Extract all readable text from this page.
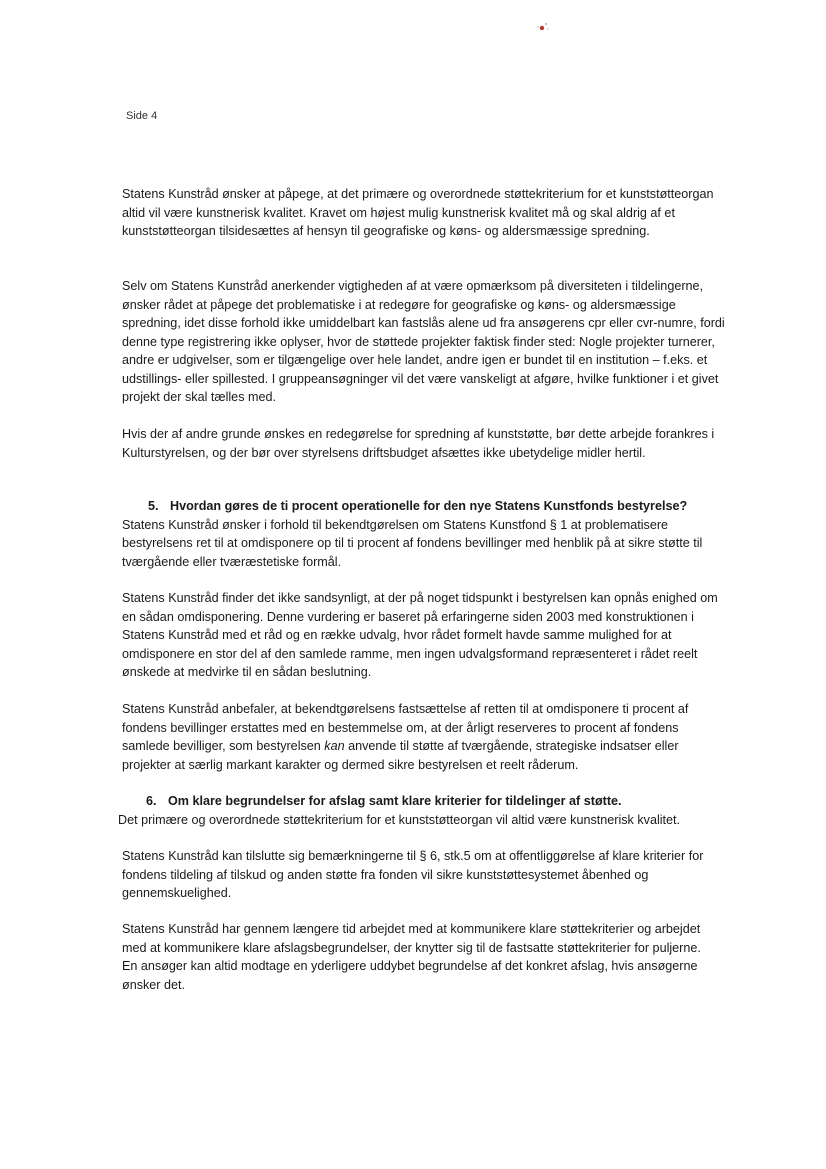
Side 4

Statens Kunstråd ønsker at påpege, at det primære og overordnede støttekriterium for et kunststøtteorgan altid vil være kunstnerisk kvalitet. Kravet om højest mulig kunstnerisk kvalitet må og skal aldrig af et kunststøtteorgan tilsidesættes af hensyn til geografiske og køns- og aldersmæssige spredning.

Selv om Statens Kunstråd anerkender vigtigheden af at være opmærksom på diversiteten i tildelingerne, ønsker rådet at påpege det problematiske i at redegøre for geografiske og køns- og aldersmæssige spredning, idet disse forhold ikke umiddelbart kan fastslås alene ud fra ansøgerens cpr eller cvr-numre, fordi denne type registrering ikke oplyser, hvor de støttede projekter faktisk finder sted: Nogle projekter turnerer, andre er udgivelser, som er tilgængelige over hele landet, andre igen er bundet til en institution – f.eks. et udstillings- eller spillested. I gruppeansøgninger vil det være vanskeligt at afgøre, hvilke funktioner i et givet projekt der skal tælles med.

Hvis der af andre grunde ønskes en redegørelse for spredning af kunststøtte, bør dette arbejde forankres i Kulturstyrelsen, og der bør over styrelsens driftsbudget afsættes ikke ubetydelige midler hertil.

5. Hvordan gøres de ti procent operationelle for den nye Statens Kunstfonds bestyrelse?

Statens Kunstråd ønsker i forhold til bekendtgørelsen om Statens Kunstfond § 1 at problematisere bestyrelsens ret til at omdisponere op til ti procent af fondens bevillinger med henblik på at sikre støtte til tværgående eller tværæstetiske formål.

Statens Kunstråd finder det ikke sandsynligt, at der på noget tidspunkt i bestyrelsen kan opnås enighed om en sådan omdisponering. Denne vurdering er baseret på erfaringerne siden 2003 med konstruktionen i Statens Kunstråd med et råd og en række udvalg, hvor rådet formelt havde samme mulighed for at omdisponere en stor del af den samlede ramme, men ingen udvalgsformand repræsenteret i rådet reelt ønskede at medvirke til en sådan beslutning.

Statens Kunstråd anbefaler, at bekendtgørelsens fastsættelse af retten til at omdisponere ti procent af fondens bevillinger erstattes med en bestemmelse om, at der årligt reserveres to procent af fondens samlede bevilliger, som bestyrelsen kan anvende til støtte af tværgående, strategiske indsatser eller projekter at særlig markant karakter og dermed sikre bestyrelsen et reelt råderum.

6. Om klare begrundelser for afslag samt klare kriterier for tildelinger af støtte.

Det primære og overordnede støttekriterium for et kunststøtteorgan vil altid være kunstnerisk kvalitet.

Statens Kunstråd kan tilslutte sig bemærkningerne til § 6, stk.5 om at offentliggørelse af klare kriterier for fondens tildeling af tilskud og anden støtte fra fonden vil sikre kunststøttesystemet åbenhed og gennemskuelighed.

Statens Kunstråd har gennem længere tid arbejdet med at kommunikere klare støttekriterier og arbejdet med at kommunikere klare afslagsbegrundelser, der knytter sig til de fastsatte støttekriterier for puljerne.

En ansøger kan altid modtage en yderligere uddybet begrundelse af det konkret afslag, hvis ansøgerne ønsker det.
